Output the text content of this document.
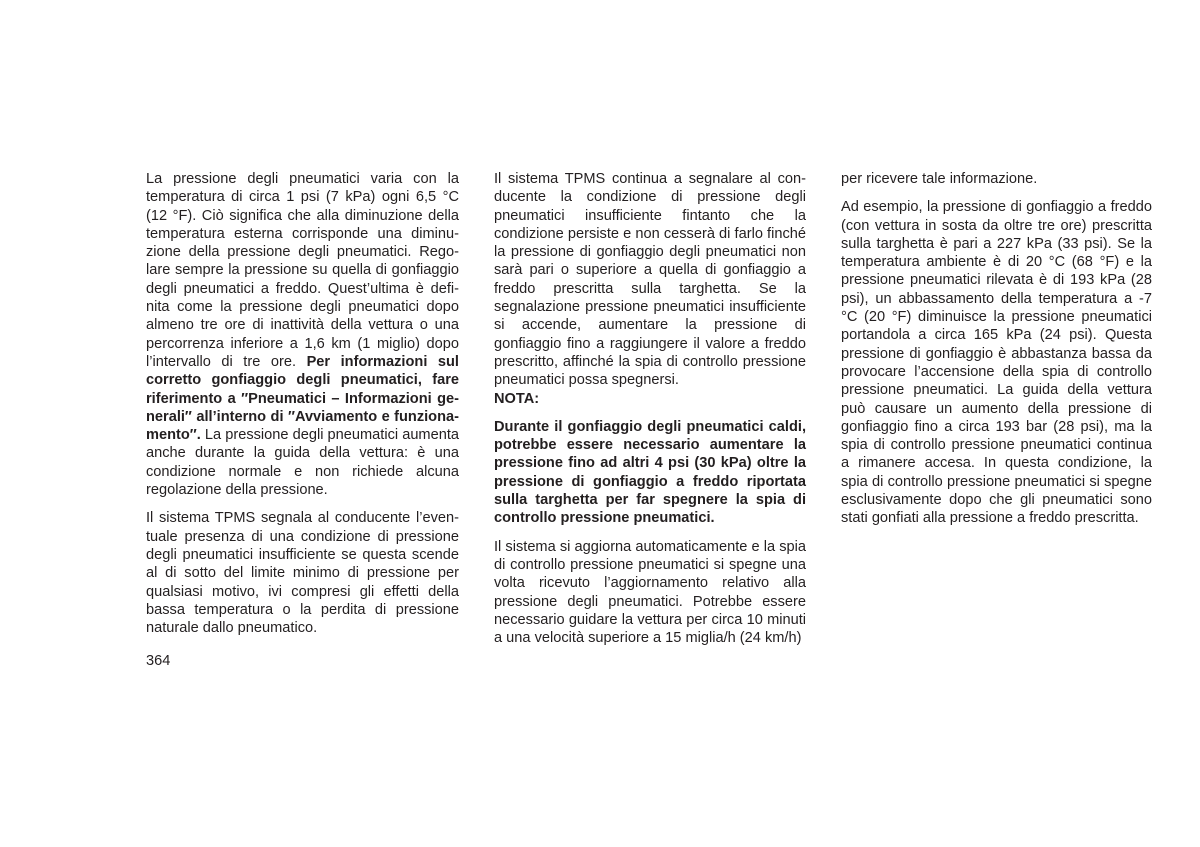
La pressione degli pneumatici varia con la temperatura di circa 1 psi (7 kPa) ogni 6,5 °C (12 °F). Ciò significa che alla diminuzione della temperatura esterna corrisponde una diminuzione della pressione degli pneumatici. Regolare sempre la pressione su quella di gonfiaggio degli pneumatici a freddo. Quest’ultima è definita come la pressione degli pneumatici dopo almeno tre ore di inattività della vettura o una percorrenza inferiore a 1,6 km (1 miglio) dopo l’intervallo di tre ore. Per informazioni sul corretto gonfiaggio degli pneumatici, fare riferimento a ″Pneumatici – Informazioni generali″ all’interno di ″Avviamento e funzionamento″. La pressione degli pneumatici aumenta anche durante la guida della vettura: è una condizione normale e non richiede alcuna regolazione della pressione.

Il sistema TPMS segnala al conducente l’eventuale presenza di una condizione di pressione degli pneumatici insufficiente se questa scende al di sotto del limite minimo di pressione per qualsiasi motivo, ivi compresi gli effetti della bassa temperatura o la perdita di pressione naturale dallo pneumatico.

Il sistema TPMS continua a segnalare al conducente la condizione di pressione degli pneumatici insufficiente fintanto che la condizione persiste e non cesserà di farlo finché la pressione di gonfiaggio degli pneumatici non sarà pari o superiore a quella di gonfiaggio a freddo prescritta sulla targhetta. Se la segnalazione pressione pneumatici insufficiente si accende, aumentare la pressione di gonfiaggio fino a raggiungere il valore a freddo prescritto, affinché la spia di controllo pressione pneumatici possa spegnersi.

NOTA:

Durante il gonfiaggio degli pneumatici caldi, potrebbe essere necessario aumentare la pressione fino ad altri 4 psi (30 kPa) oltre la pressione di gonfiaggio a freddo riportata sulla targhetta per far spegnere la spia di controllo pressione pneumatici.

Il sistema si aggiorna automaticamente e la spia di controllo pressione pneumatici si spegne una volta ricevuto l’aggiornamento relativo alla pressione degli pneumatici. Potrebbe essere necessario guidare la vettura per circa 10 minuti a una velocità superiore a 15 miglia/h (24 km/h)

per ricevere tale informazione.

Ad esempio, la pressione di gonfiaggio a freddo (con vettura in sosta da oltre tre ore) prescritta sulla targhetta è pari a 227 kPa (33 psi). Se la temperatura ambiente è di 20 °C (68 °F) e la pressione pneumatici rilevata è di 193 kPa (28 psi), un abbassamento della temperatura a -7 °C (20 °F) diminuisce la pressione pneumatici portandola a circa 165 kPa (24 psi). Questa pressione di gonfiaggio è abbastanza bassa da provocare l’accensione della spia di controllo pressione pneumatici. La guida della vettura può causare un aumento della pressione di gonfiaggio fino a circa 193 bar (28 psi), ma la spia di controllo pressione pneumatici continua a rimanere accesa. In questa condizione, la spia di controllo pressione pneumatici si spegne esclusivamente dopo che gli pneumatici sono stati gonfiati alla pressione a freddo prescritta.

364
